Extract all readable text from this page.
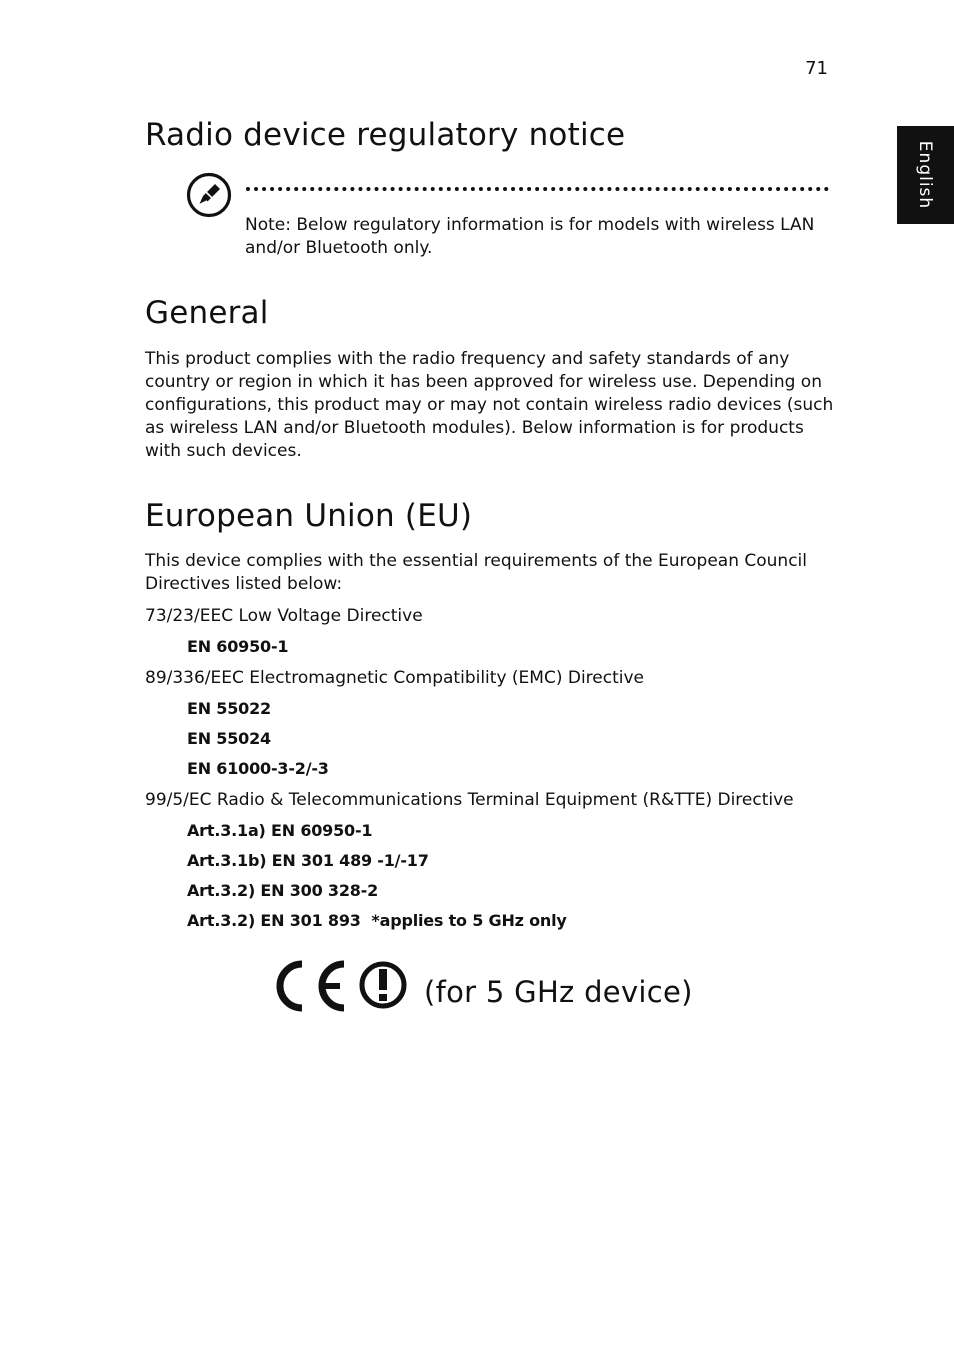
71
English
Radio device regulatory notice
Note: Below regulatory information is for models with wireless LAN and/or Bluetooth only.
General

This product complies with the radio frequency and safety standards of any country or region in which it has been approved for wireless use. Depending on configurations, this product may or may not contain wireless radio devices (such as wireless LAN and/or Bluetooth modules). Below information is for products with such devices.

European Union (EU)

This device complies with the essential requirements of the European Council Directives listed below:

73/23/EEC Low Voltage Directive
EN 60950-1
89/336/EEC Electromagnetic Compatibility (EMC) Directive
EN 55022
EN 55024
EN 61000-3-2/-3
99/5/EC Radio & Telecommunications Terminal Equipment (R&TTE) Directive
Art.3.1a) EN 60950-1
Art.3.1b) EN 301 489 -1/-17
Art.3.2) EN 300 328-2
Art.3.2) EN 301 893  *applies to 5 GHz only
(for 5 GHz device)
